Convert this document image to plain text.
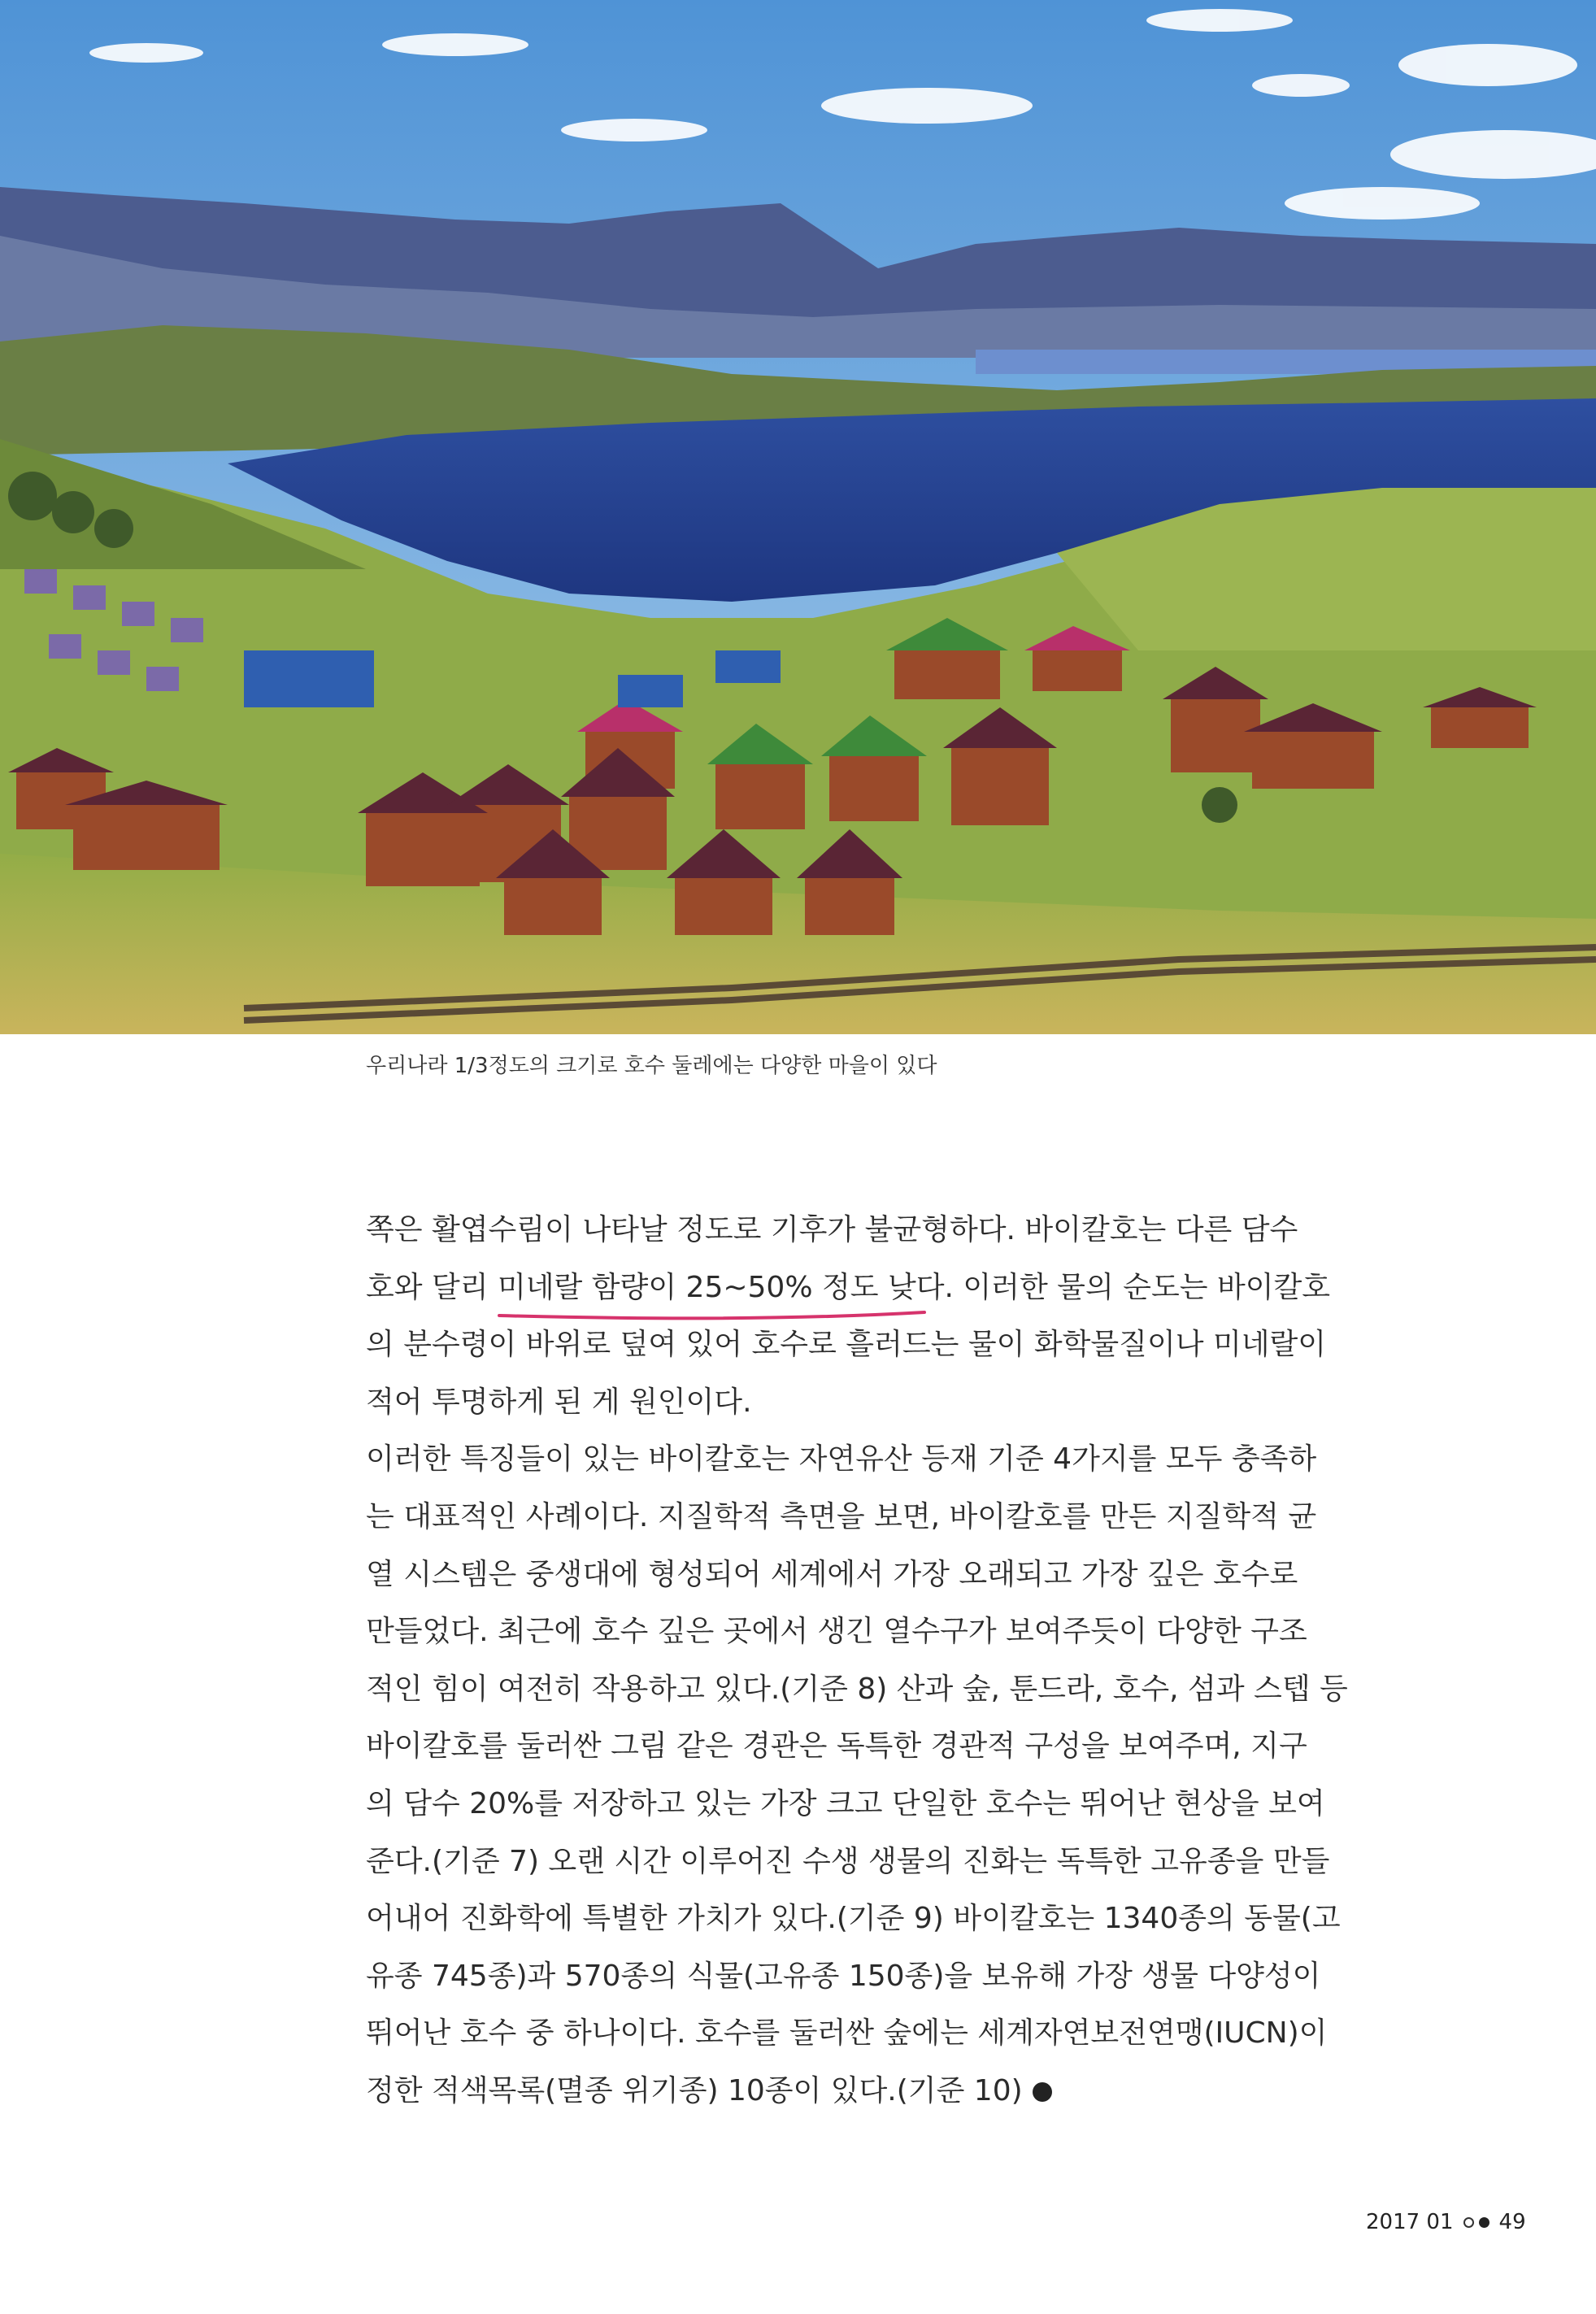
우리나라 1/3정도의 크기로 호수 둘레에는 다양한 마을이 있다
쪽은 활엽수림이 나타날 정도로 기후가 불균형하다. 바이칼호는 다른 담수
호와 달리 미네랄 함량이 25~50% 정도 낮다. 이러한 물의 순도는 바이칼호
의 분수령이 바위로 덮여 있어 호수로 흘러드는 물이 화학물질이나 미네랄이
적어 투명하게 된 게 원인이다.
이러한 특징들이 있는 바이칼호는 자연유산 등재 기준 4가지를 모두 충족하
는 대표적인 사례이다. 지질학적 측면을 보면, 바이칼호를 만든 지질학적 균
열 시스템은 중생대에 형성되어 세계에서 가장 오래되고 가장 깊은 호수로
만들었다. 최근에 호수 깊은 곳에서 생긴 열수구가 보여주듯이 다양한 구조
적인 힘이 여전히 작용하고 있다.(기준 8) 산과 숲, 툰드라, 호수, 섬과 스텝 등
바이칼호를 둘러싼 그림 같은 경관은 독특한 경관적 구성을 보여주며, 지구
의 담수 20%를 저장하고 있는 가장 크고 단일한 호수는 뛰어난 현상을 보여
준다.(기준 7) 오랜 시간 이루어진 수생 생물의 진화는 독특한 고유종을 만들
어내어 진화학에 특별한 가치가 있다.(기준 9) 바이칼호는 1340종의 동물(고
유종 745종)과 570종의 식물(고유종 150종)을 보유해 가장 생물 다양성이
뛰어난 호수 중 하나이다. 호수를 둘러싼 숲에는 세계자연보전연맹(IUCN)이
정한 적색목록(멸종 위기종) 10종이 있다.(기준 10)
2017 01 49
